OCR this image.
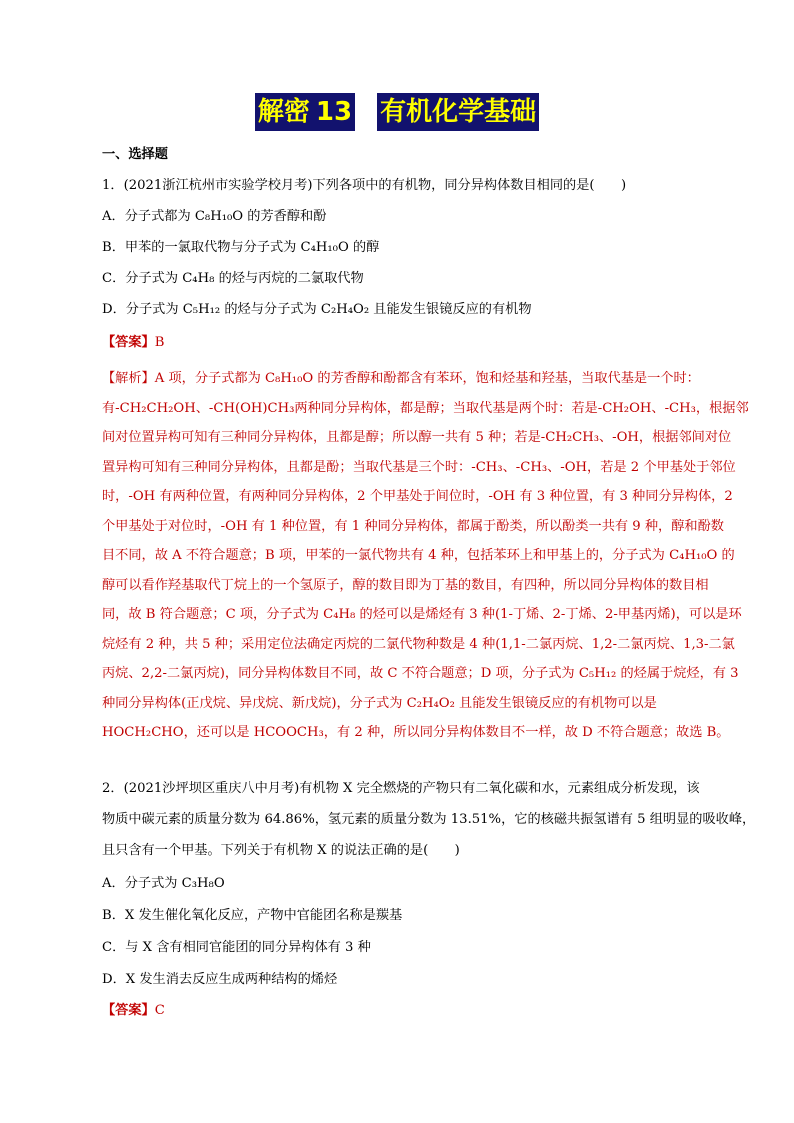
解密 13 有机化学基础
一、选择题
1．(2021浙江杭州市实验学校月考)下列各项中的有机物，同分异构体数目相同的是(　　)
A．分子式都为 C₈H₁₀O 的芳香醇和酚
B．甲苯的一氯取代物与分子式为 C₄H₁₀O 的醇
C．分子式为 C₄H₈ 的烃与丙烷的二氯取代物
D．分子式为 C₅H₁₂ 的烃与分子式为 C₂H₄O₂ 且能发生银镜反应的有机物
【答案】B

【解析】A 项，分子式都为 C₈H₁₀O 的芳香醇和酚都含有苯环，饱和烃基和羟基，当取代基是一个时：

有-CH₂CH₂OH、-CH(OH)CH₃两种同分异构体，都是醇；当取代基是两个时：若是-CH₂OH、-CH₃，根据邻

间对位置异构可知有三种同分异构体，且都是醇；所以醇一共有 5 种；若是-CH₂CH₃、-OH，根据邻间对位

置异构可知有三种同分异构体，且都是酚；当取代基是三个时：-CH₃、-CH₃、-OH，若是 2 个甲基处于邻位

时，-OH 有两种位置，有两种同分异构体，2 个甲基处于间位时，-OH 有 3 种位置，有 3 种同分异构体，2

个甲基处于对位时，-OH 有 1 种位置，有 1 种同分异构体，都属于酚类，所以酚类一共有 9 种，醇和酚数

目不同，故 A 不符合题意；B 项，甲苯的一氯代物共有 4 种，包括苯环上和甲基上的，分子式为 C₄H₁₀O 的

醇可以看作羟基取代丁烷上的一个氢原子，醇的数目即为丁基的数目，有四种，所以同分异构体的数目相

同，故 B 符合题意；C 项，分子式为 C₄H₈ 的烃可以是烯烃有 3 种(1-丁烯、2-丁烯、2-甲基丙烯)，可以是环

烷烃有 2 种，共 5 种；采用定位法确定丙烷的二氯代物种数是 4 种(1,1-二氯丙烷、1,2-二氯丙烷、1,3-二氯

丙烷、2,2-二氯丙烷)，同分异构体数目不同，故 C 不符合题意；D 项，分子式为 C₅H₁₂ 的烃属于烷烃，有 3

种同分异构体(正戊烷、异戊烷、新戊烷)，分子式为 C₂H₄O₂ 且能发生银镜反应的有机物可以是

HOCH₂CHO，还可以是 HCOOCH₃，有 2 种，所以同分异构体数目不一样，故 D 不符合题意；故选 B。

2．(2021沙坪坝区重庆八中月考)有机物 X 完全燃烧的产物只有二氧化碳和水，元素组成分析发现，该
物质中碳元素的质量分数为 64.86%，氢元素的质量分数为 13.51%，它的核磁共振氢谱有 5 组明显的吸收峰，
且只含有一个甲基。下列关于有机物 X 的说法正确的是(　　)
A．分子式为 C₃H₈O
B．X 发生催化氧化反应，产物中官能团名称是羰基
C．与 X 含有相同官能团的同分异构体有 3 种
D．X 发生消去反应生成两种结构的烯烃
【答案】C
